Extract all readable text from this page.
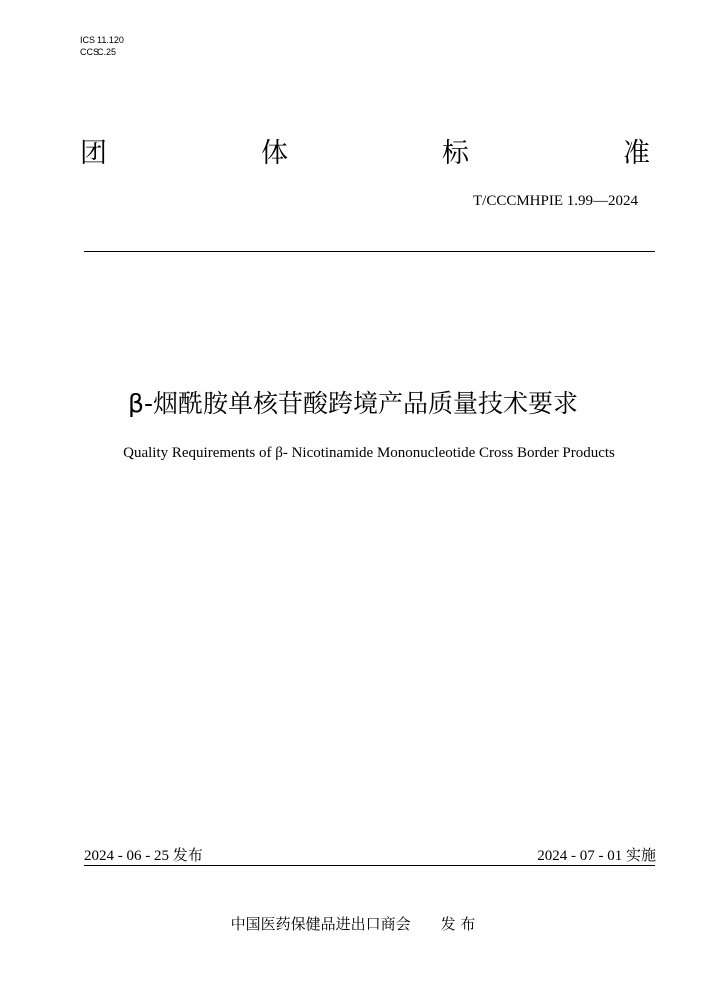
ICS 11.120
CCS
C.25
团	体	标	准
T/CCCMHPIE 1.99—2024
β-烟酰胺单核苷酸跨境产品质量技术要求
Quality Requirements of β- Nicotinamide Mononucleotide Cross Border Products
2024 - 06 - 25 发布	2024 - 07 - 01 实施
中国医药保健品进出口商会 发 布
